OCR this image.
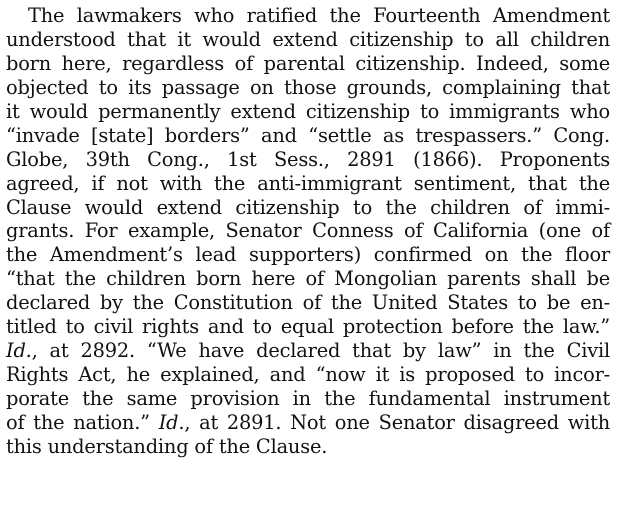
The lawmakers who ratified the Fourteenth Amendment
understood that it would extend citizenship to all children
born here, regardless of parental citizenship. Indeed, some
objected to its passage on those grounds, complaining that
it would permanently extend citizenship to immigrants who
“invade [state] borders” and “settle as trespassers.” Cong.
Globe, 39th Cong., 1st Sess., 2891 (1866). Proponents
agreed, if not with the anti-immigrant sentiment, that the
Clause would extend citizenship to the children of immi-
grants. For example, Senator Conness of California (one of
the Amendment’s lead supporters) confirmed on the floor
“that the children born here of Mongolian parents shall be
declared by the Constitution of the United States to be en-
titled to civil rights and to equal protection before the law.”
Id., at 2892. “We have declared that by law” in the Civil
Rights Act, he explained, and “now it is proposed to incor-
porate the same provision in the fundamental instrument
of the nation.” Id., at 2891. Not one Senator disagreed with
this understanding of the Clause.
